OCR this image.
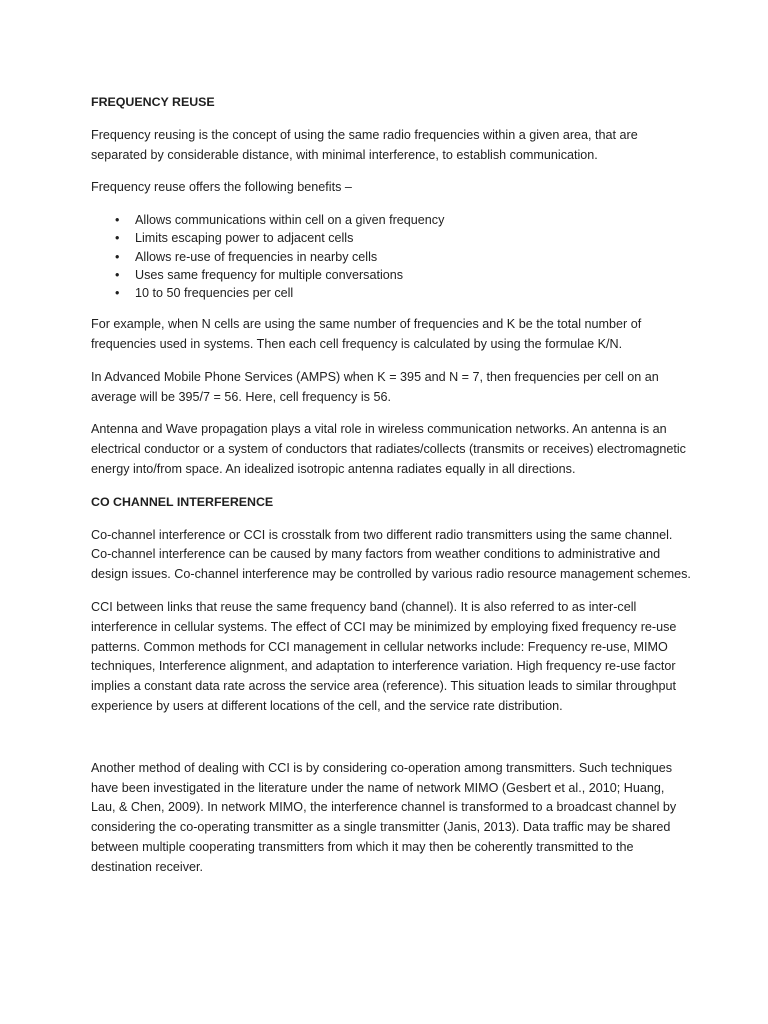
FREQUENCY REUSE

Frequency reusing is the concept of using the same radio frequencies within a given area, that are separated by considerable distance, with minimal interference, to establish communication.

Frequency reuse offers the following benefits –

• Allows communications within cell on a given frequency
• Limits escaping power to adjacent cells
• Allows re-use of frequencies in nearby cells
• Uses same frequency for multiple conversations
• 10 to 50 frequencies per cell

For example, when N cells are using the same number of frequencies and K be the total number of frequencies used in systems. Then each cell frequency is calculated by using the formulae K/N.

In Advanced Mobile Phone Services (AMPS) when K = 395 and N = 7, then frequencies per cell on an average will be 395/7 = 56. Here, cell frequency is 56.

Antenna and Wave propagation plays a vital role in wireless communication networks. An antenna is an electrical conductor or a system of conductors that radiates/collects (transmits or receives) electromagnetic energy into/from space. An idealized isotropic antenna radiates equally in all directions.

CO CHANNEL INTERFERENCE

Co-channel interference or CCI is crosstalk from two different radio transmitters using the same channel. Co-channel interference can be caused by many factors from weather conditions to administrative and design issues. Co-channel interference may be controlled by various radio resource management schemes.

CCI between links that reuse the same frequency band (channel). It is also referred to as inter-cell interference in cellular systems. The effect of CCI may be minimized by employing fixed frequency re-use patterns. Common methods for CCI management in cellular networks include: Frequency re-use, MIMO techniques, Interference alignment, and adaptation to interference variation. High frequency re-use factor implies a constant data rate across the service area (reference). This situation leads to similar throughput experience by users at different locations of the cell, and the service rate distribution.

Another method of dealing with CCI is by considering co-operation among transmitters. Such techniques have been investigated in the literature under the name of network MIMO (Gesbert et al., 2010; Huang, Lau, & Chen, 2009). In network MIMO, the interference channel is transformed to a broadcast channel by considering the co-operating transmitter as a single transmitter (Janis, 2013). Data traffic may be shared between multiple cooperating transmitters from which it may then be coherently transmitted to the destination receiver.
